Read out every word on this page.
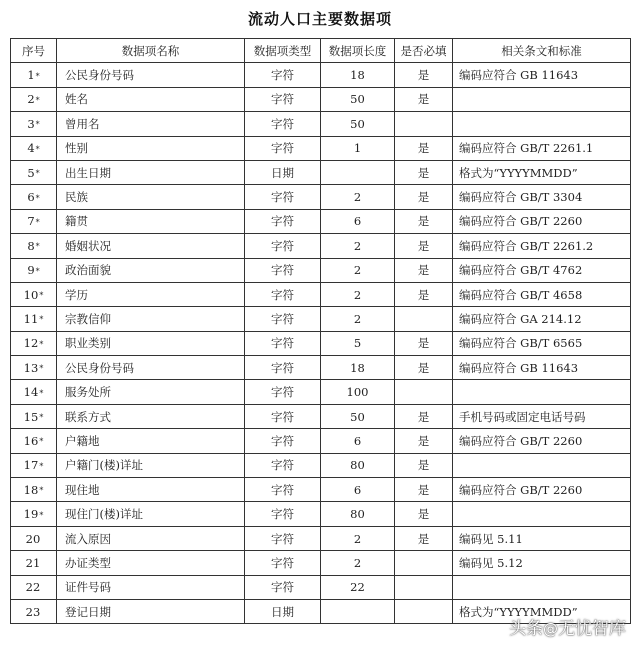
流动人口主要数据项
序号	数据项名称	数据项类型	数据项长度	是否必填	相关条文和标准
1*	公民身份号码	字符	18	是	编码应符合 GB 11643
2*	姓名	字符	50	是	
3*	曾用名	字符	50		
4*	性别	字符	1	是	编码应符合 GB/T 2261.1
5*	出生日期	日期		是	格式为“YYYYMMDD”
6*	民族	字符	2	是	编码应符合 GB/T 3304
7*	籍贯	字符	6	是	编码应符合 GB/T 2260
8*	婚姻状况	字符	2	是	编码应符合 GB/T 2261.2
9*	政治面貌	字符	2	是	编码应符合 GB/T 4762
10*	学历	字符	2	是	编码应符合 GB/T 4658
11*	宗教信仰	字符	2		编码应符合 GA 214.12
12*	职业类别	字符	5	是	编码应符合 GB/T 6565
13*	公民身份号码	字符	18	是	编码应符合 GB 11643
14*	服务处所	字符	100		
15*	联系方式	字符	50	是	手机号码或固定电话号码
16*	户籍地	字符	6	是	编码应符合 GB/T 2260
17*	户籍门(楼)详址	字符	80	是	
18*	现住地	字符	6	是	编码应符合 GB/T 2260
19*	现住门(楼)详址	字符	80	是	
20	流入原因	字符	2	是	编码见 5.11
21	办证类型	字符	2		编码见 5.12
22	证件号码	字符	22		
23	登记日期	日期			格式为“YYYYMMDD”
头条@无忧智库
